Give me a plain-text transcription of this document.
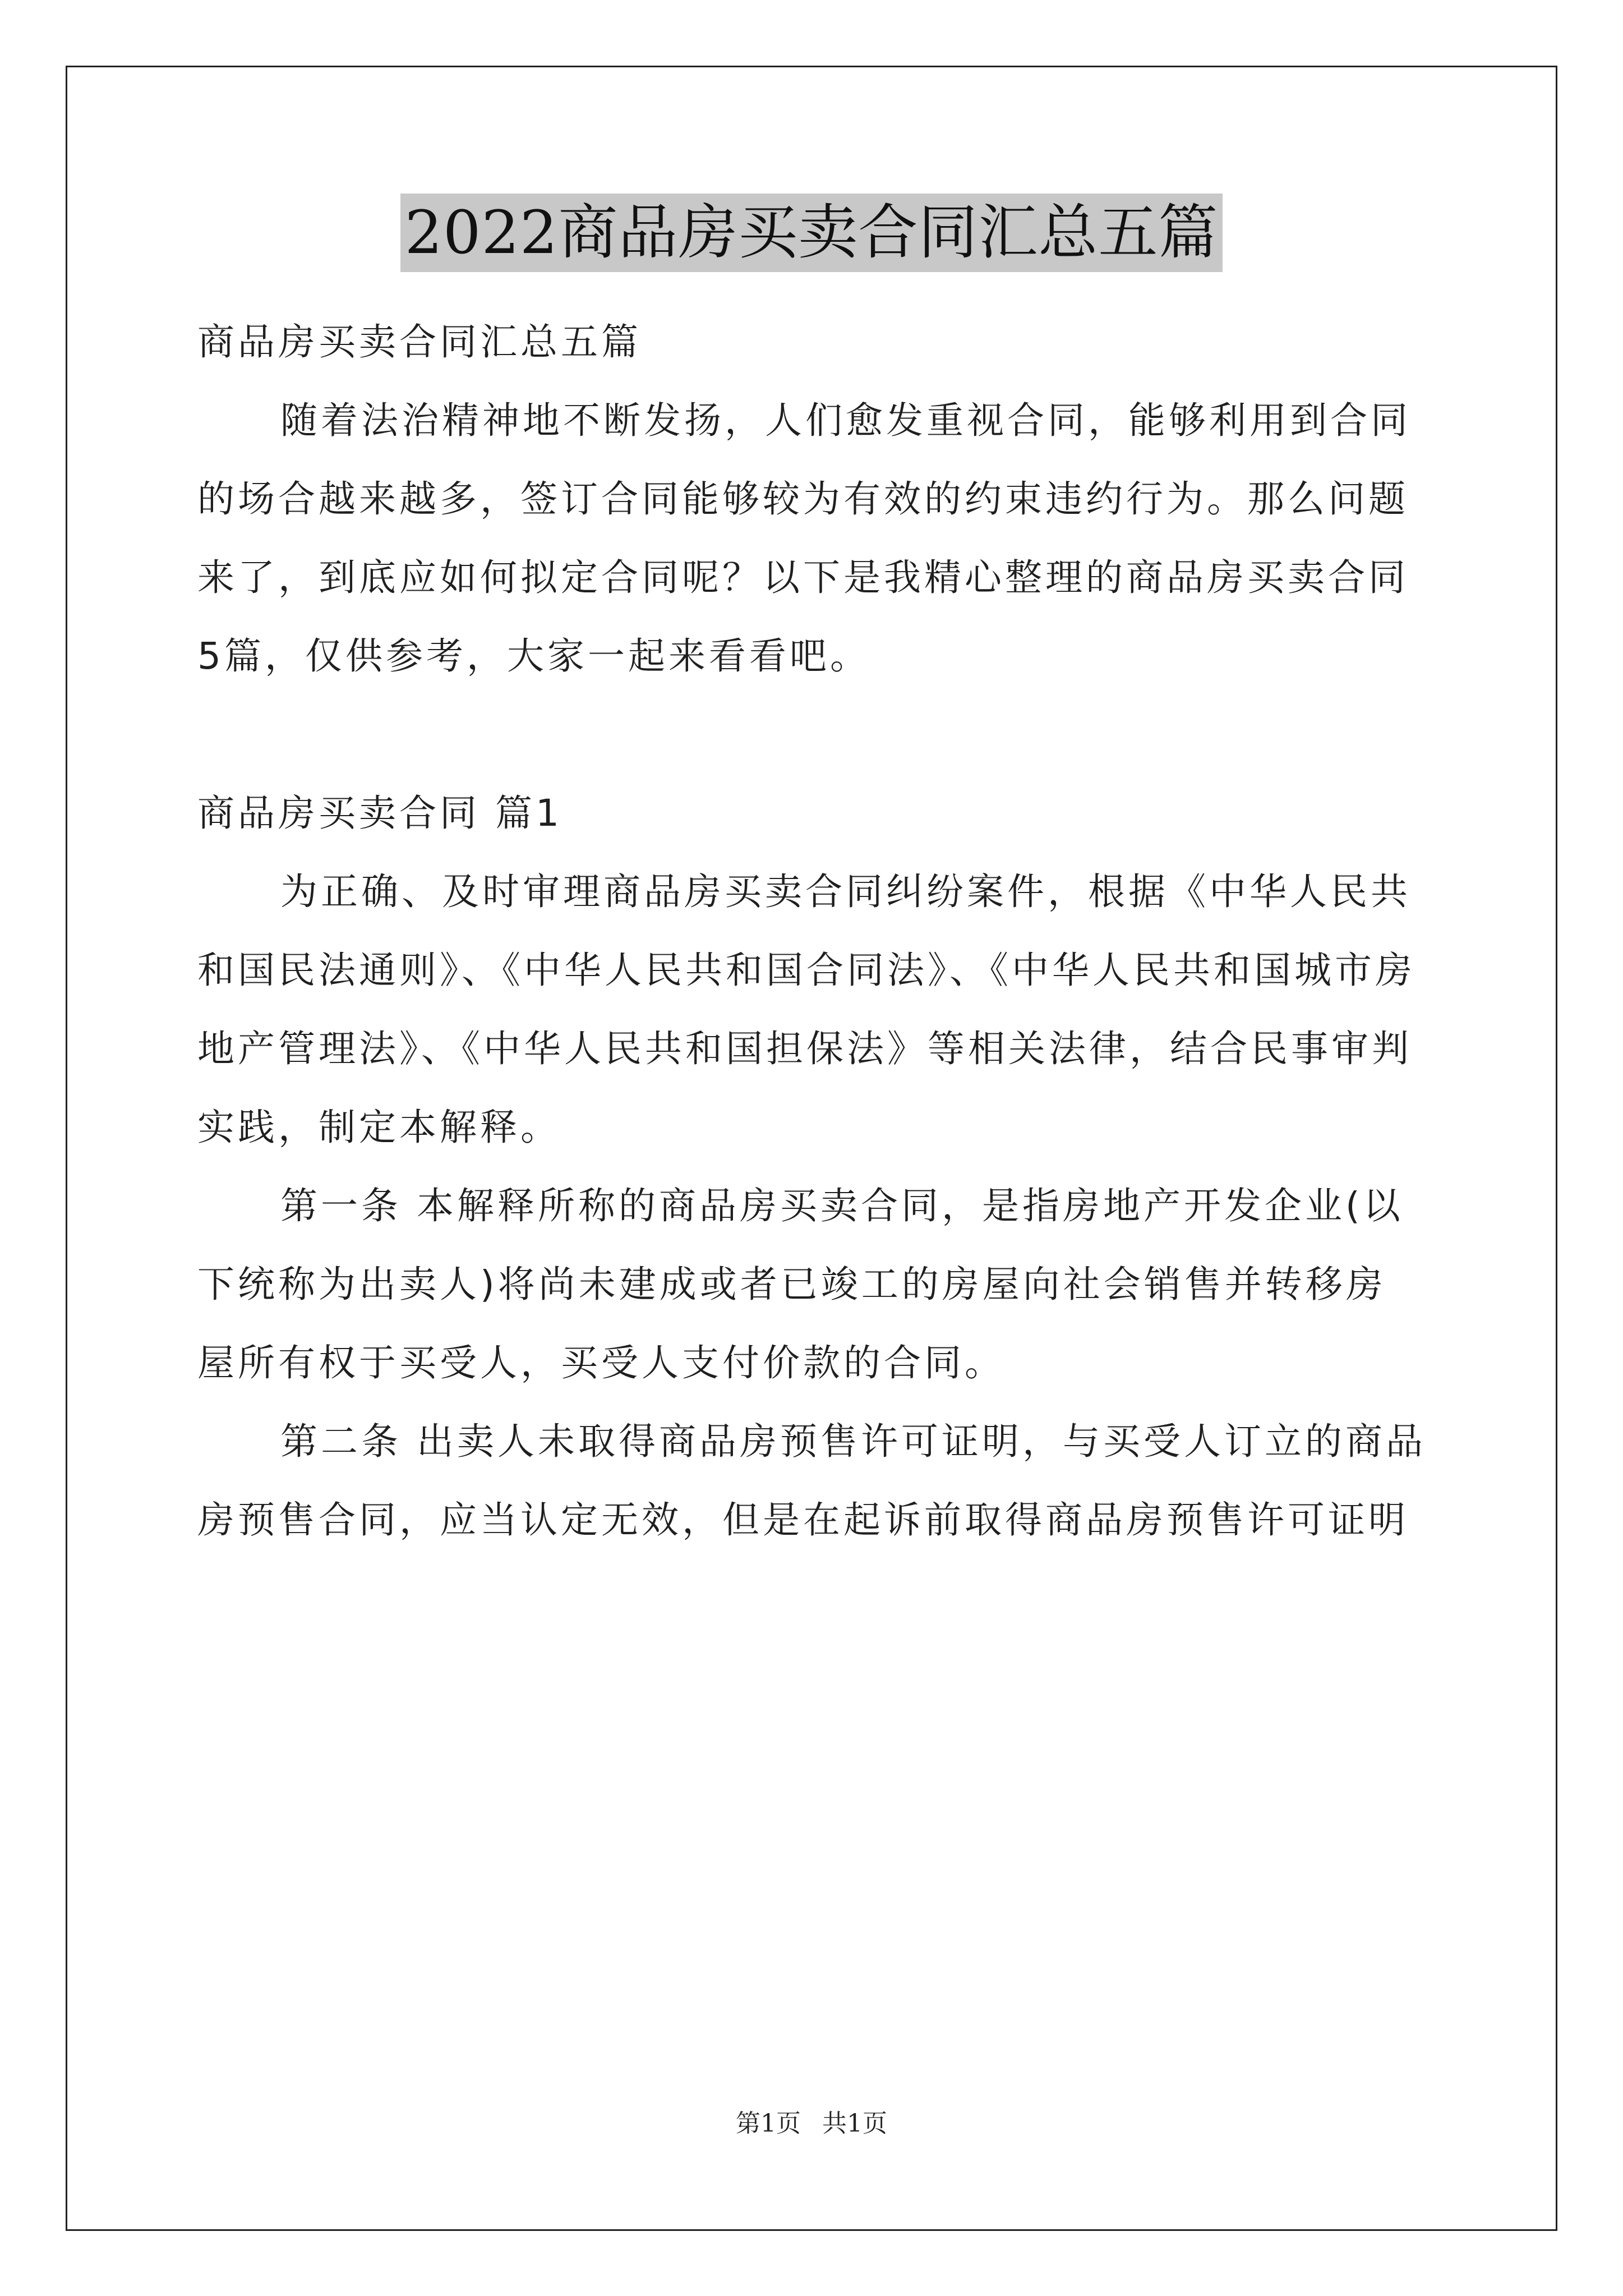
2022商品房买卖合同汇总五篇
商品房买卖合同汇总五篇
随着法治精神地不断发扬，人们愈发重视合同，能够利用到合同
的场合越来越多，签订合同能够较为有效的约束违约行为。那么问题
来了，到底应如何拟定合同呢？以下是我精心整理的商品房买卖合同
5篇，仅供参考，大家一起来看看吧。
商品房买卖合同 篇1
为正确、及时审理商品房买卖合同纠纷案件，根据《中华人民共
和国民法通则》、《中华人民共和国合同法》、《中华人民共和国城市房
地产管理法》、《中华人民共和国担保法》等相关法律，结合民事审判
实践，制定本解释。
第一条 本解释所称的商品房买卖合同，是指房地产开发企业(以
下统称为出卖人)将尚未建成或者已竣工的房屋向社会销售并转移房
屋所有权于买受人，买受人支付价款的合同。
第二条 出卖人未取得商品房预售许可证明，与买受人订立的商品
房预售合同，应当认定无效，但是在起诉前取得商品房预售许可证明
第1页 共1页
